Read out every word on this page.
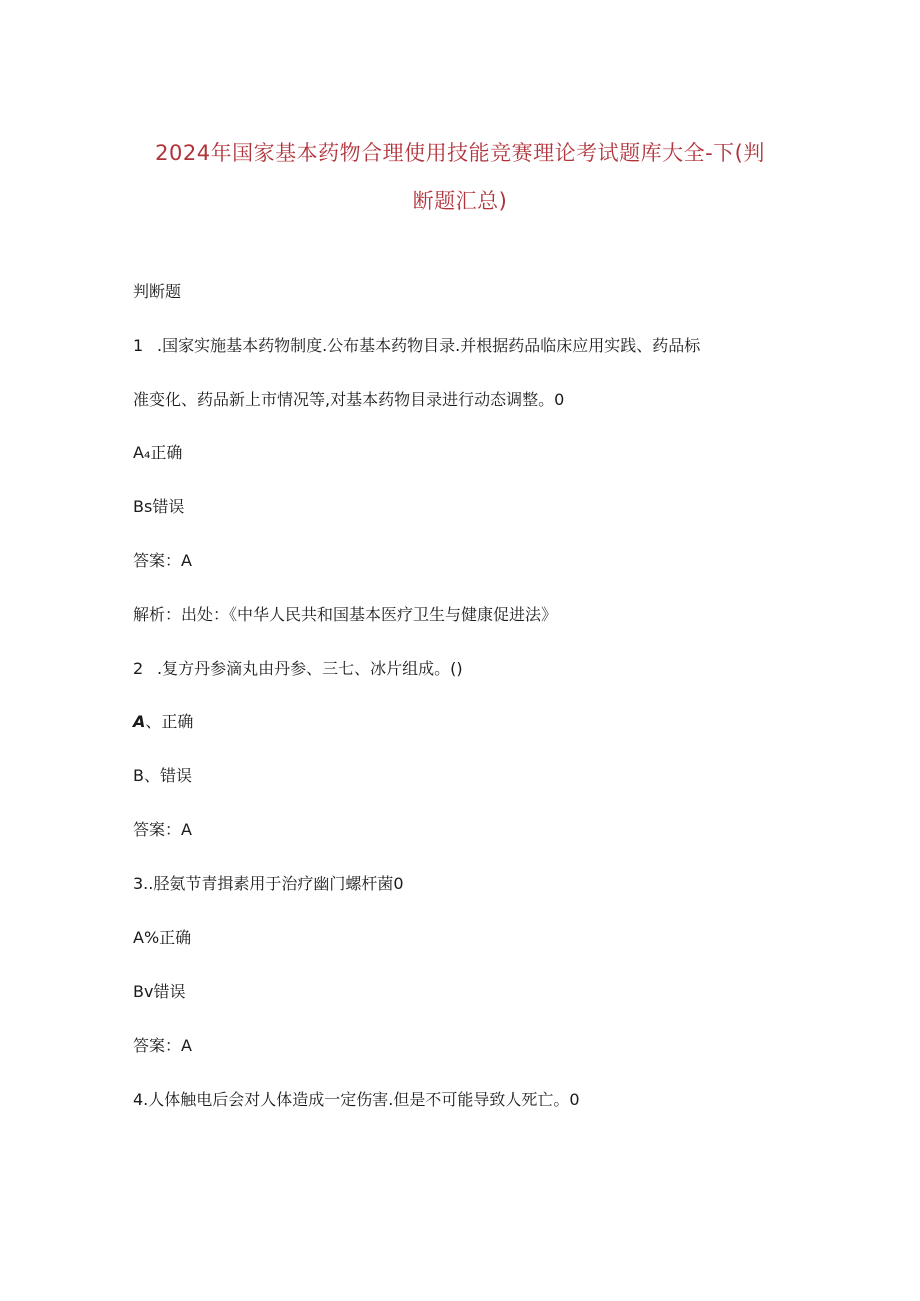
2024年国家基本药物合理使用技能竞赛理论考试题库大全-下(判
断题汇总)
判断题
1 .国家实施基本药物制度.公布基本药物目录.并根据药品临床应用实践、药品标
准变化、药品新上市情况等,对基本药物目录进行动态调整。0
A₄正确
Bs错误
答案：A
解析：出处：《中华人民共和国基本医疗卫生与健康促进法》
2 .复方丹参滴丸由丹参、三七、冰片组成。()
A、正确
B、错误
答案：A
3..胫氨节青揖素用于治疗幽门螺杆菌0
A%正确
Bv错误
答案：A
4.人体触电后会对人体造成一定伤害.但是不可能导致人死亡。0
